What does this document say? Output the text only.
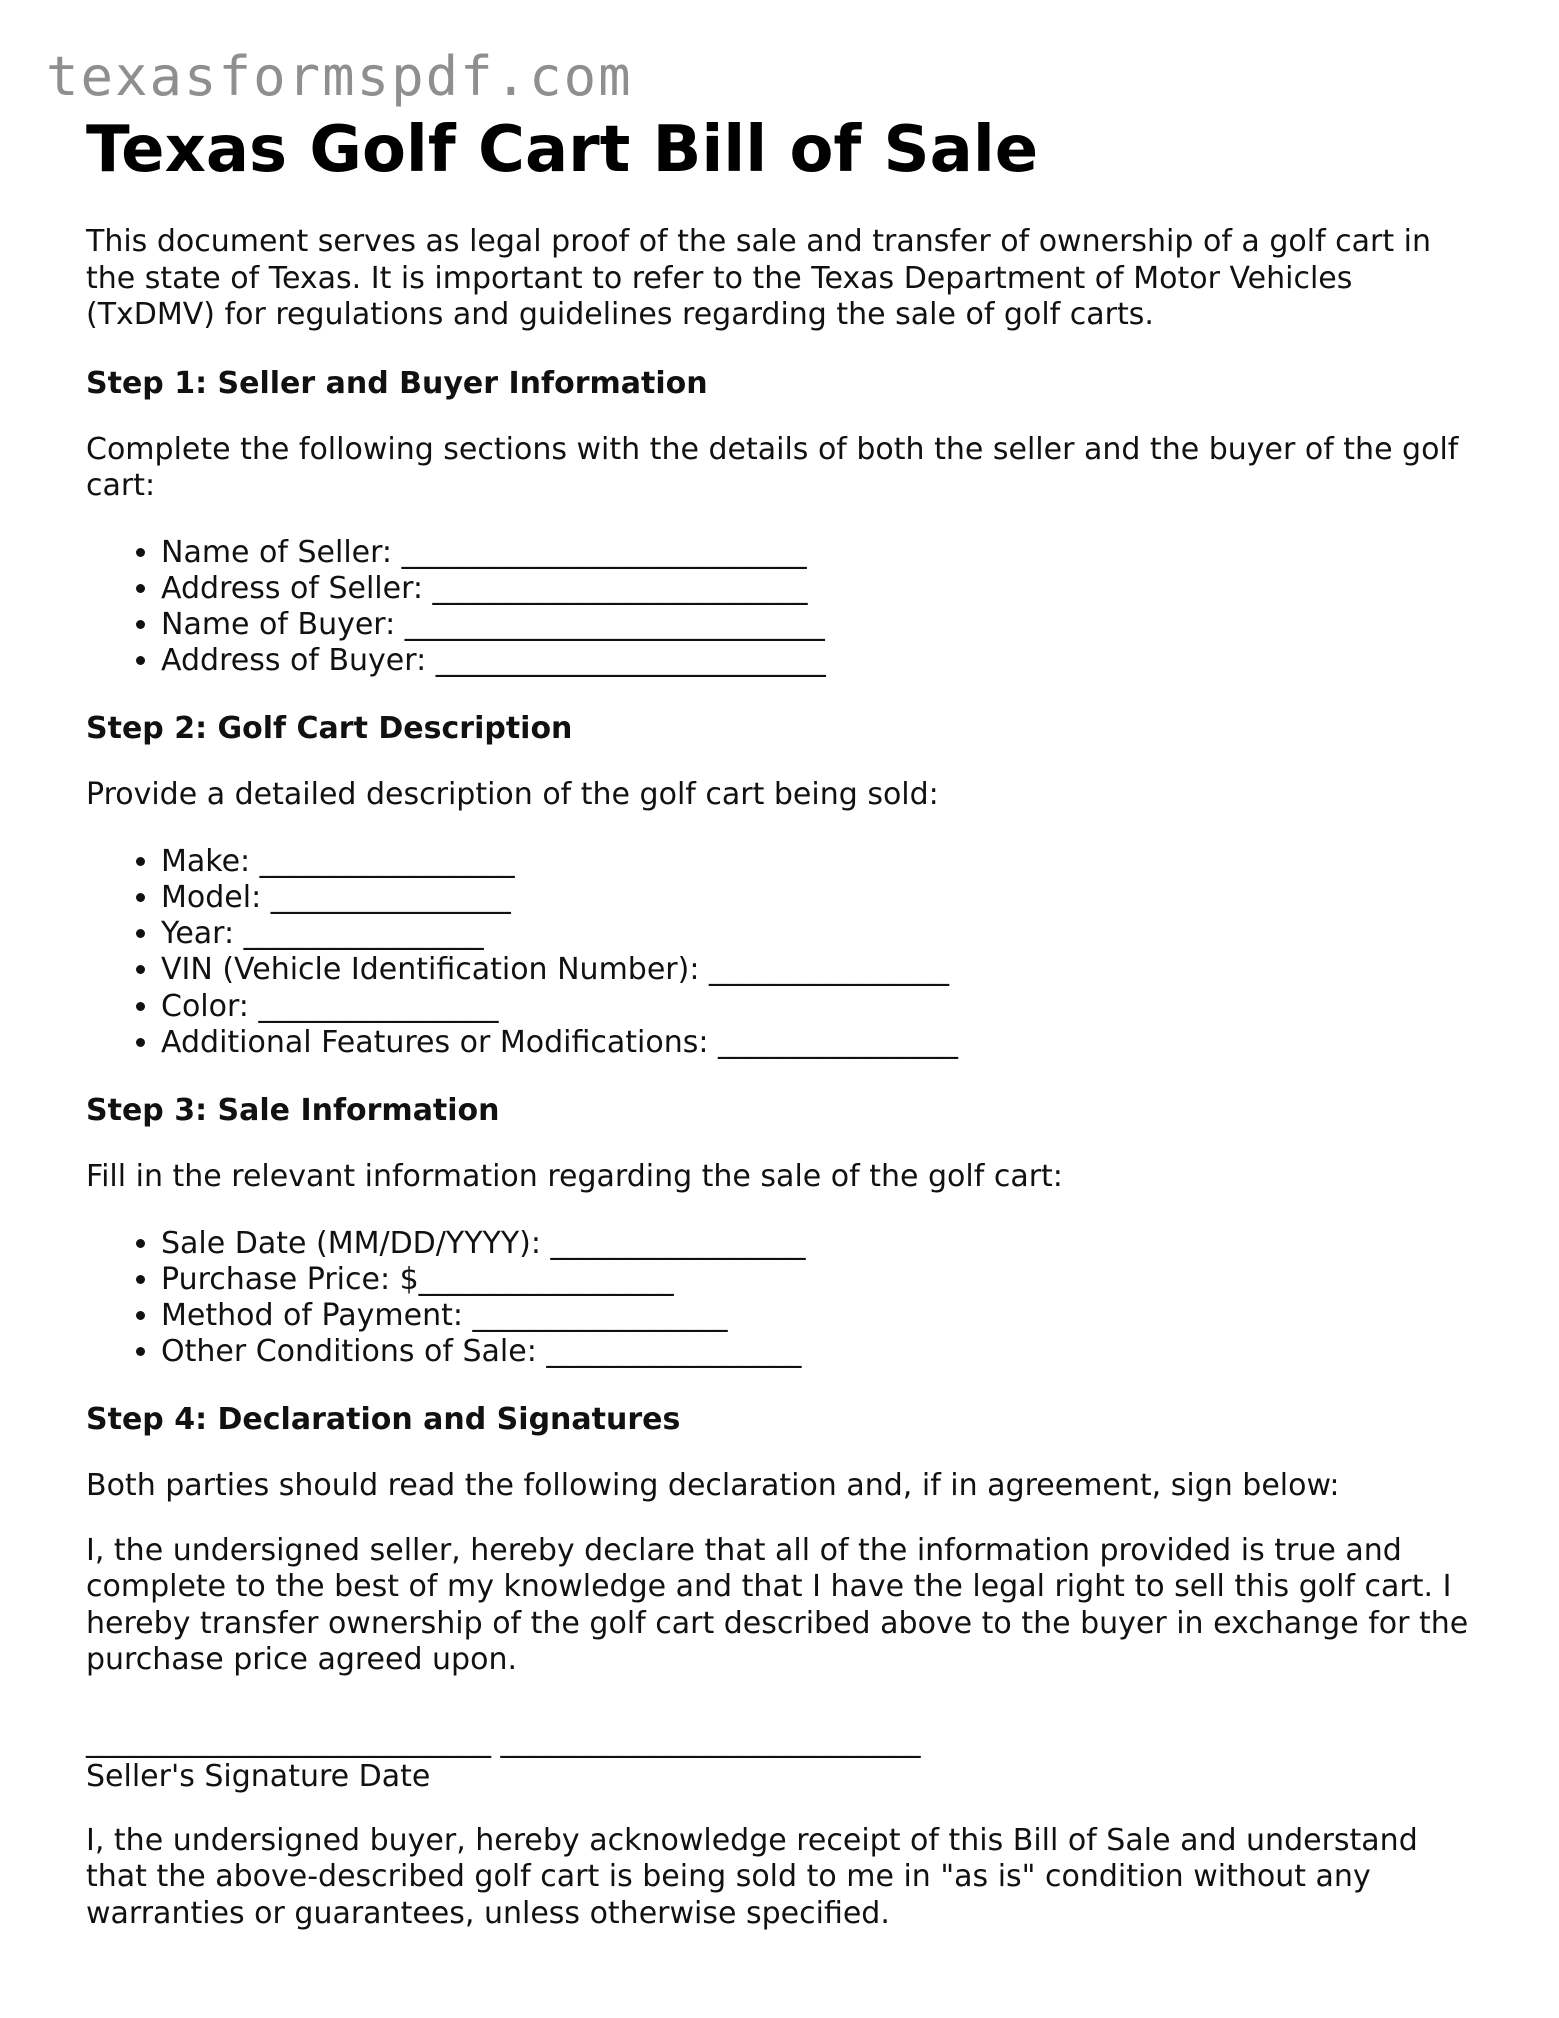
texasformspdf.com
Texas Golf Cart Bill of Sale

This document serves as legal proof of the sale and transfer of ownership of a golf cart in the state of Texas. It is important to refer to the Texas Department of Motor Vehicles (TxDMV) for regulations and guidelines regarding the sale of golf carts.

Step 1: Seller and Buyer Information

Complete the following sections with the details of both the seller and the buyer of the golf cart:

• Name of Seller: ___________________________
• Address of Seller: _________________________
• Name of Buyer: ____________________________
• Address of Buyer: __________________________
Step 2: Golf Cart Description

Provide a detailed description of the golf cart being sold:

• Make: _________________
• Model: ________________
• Year: ________________
• VIN (Vehicle Identification Number): ________________
• Color: ________________
• Additional Features or Modifications: ________________
Step 3: Sale Information

Fill in the relevant information regarding the sale of the golf cart:

• Sale Date (MM/DD/YYYY): _________________
• Purchase Price: $_________________
• Method of Payment: _________________
• Other Conditions of Sale: _________________
Step 4: Declaration and Signatures

Both parties should read the following declaration and, if in agreement, sign below:

I, the undersigned seller, hereby declare that all of the information provided is true and complete to the best of my knowledge and that I have the legal right to sell this golf cart. I hereby transfer ownership of the golf cart described above to the buyer in exchange for the purchase price agreed upon.

___________________________ ____________________________
Seller's Signature Date

I, the undersigned buyer, hereby acknowledge receipt of this Bill of Sale and understand that the above-described golf cart is being sold to me in "as is" condition without any warranties or guarantees, unless otherwise specified.
